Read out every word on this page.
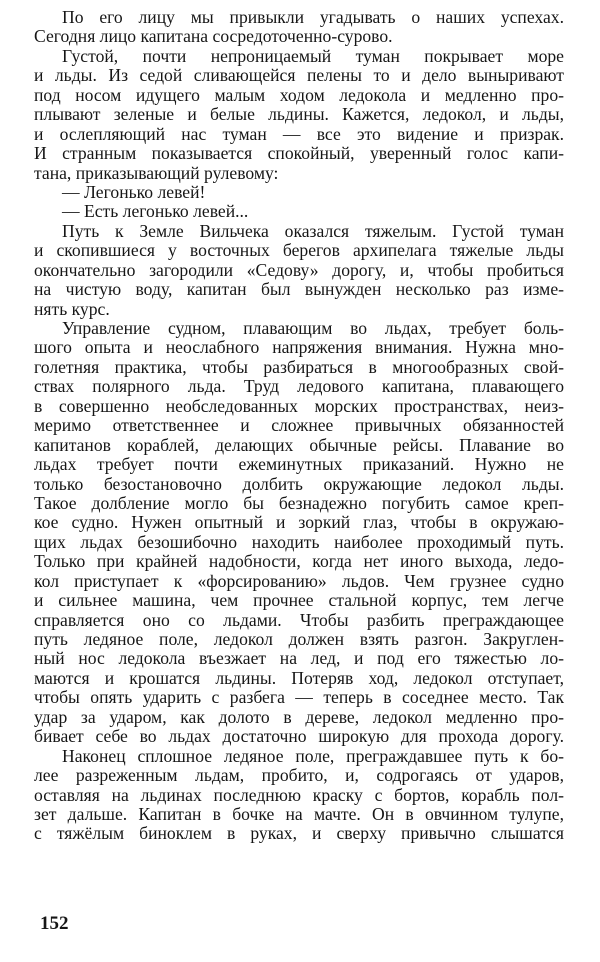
По его лицу мы привыкли угадывать о наших успехах.
Сегодня лицо капитана сосредоточенно-сурово.
Густой, почти непроницаемый туман покрывает море
и льды. Из седой сливающейся пелены то и дело выныривают
под носом идущего малым ходом ледокола и медленно про-
плывают зеленые и белые льдины. Кажется, ледокол, и льды,
и ослепляющий нас туман — все это видение и призрак.
И странным показывается спокойный, уверенный голос капи-
тана, приказывающий рулевому:
— Легонько левей!
— Есть легонько левей...
Путь к Земле Вильчека оказался тяжелым. Густой туман
и скопившиеся у восточных берегов архипелага тяжелые льды
окончательно загородили «Седову» дорогу, и, чтобы пробиться
на чистую воду, капитан был вынужден несколько раз изме-
нять курс.
Управление судном, плавающим во льдах, требует боль-
шого опыта и неослабного напряжения внимания. Нужна мно-
голетняя практика, чтобы разбираться в многообразных свой-
ствах полярного льда. Труд ледового капитана, плавающего
в совершенно необследованных морских пространствах, неиз-
меримо ответственнее и сложнее привычных обязанностей
капитанов кораблей, делающих обычные рейсы. Плавание во
льдах требует почти ежеминутных приказаний. Нужно не
только безостановочно долбить окружающие ледокол льды.
Такое долбление могло бы безнадежно погубить самое креп-
кое судно. Нужен опытный и зоркий глаз, чтобы в окружаю-
щих льдах безошибочно находить наиболее проходимый путь.
Только при крайней надобности, когда нет иного выхода, ледо-
кол приступает к «форсированию» льдов. Чем грузнее судно
и сильнее машина, чем прочнее стальной корпус, тем легче
справляется оно со льдами. Чтобы разбить преграждающее
путь ледяное поле, ледокол должен взять разгон. Закруглен-
ный нос ледокола въезжает на лед, и под его тяжестью ло-
маются и крошатся льдины. Потеряв ход, ледокол отступает,
чтобы опять ударить с разбега — теперь в соседнее место. Так
удар за ударом, как долото в дереве, ледокол медленно про-
бивает себе во льдах достаточно широкую для прохода дорогу.
Наконец сплошное ледяное поле, преграждавшее путь к бо-
лее разреженным льдам, пробито, и, содрогаясь от ударов,
оставляя на льдинах последнюю краску с бортов, корабль пол-
зет дальше. Капитан в бочке на мачте. Он в овчинном тулупе,
с тяжёлым биноклем в руках, и сверху привычно слышатся
152
